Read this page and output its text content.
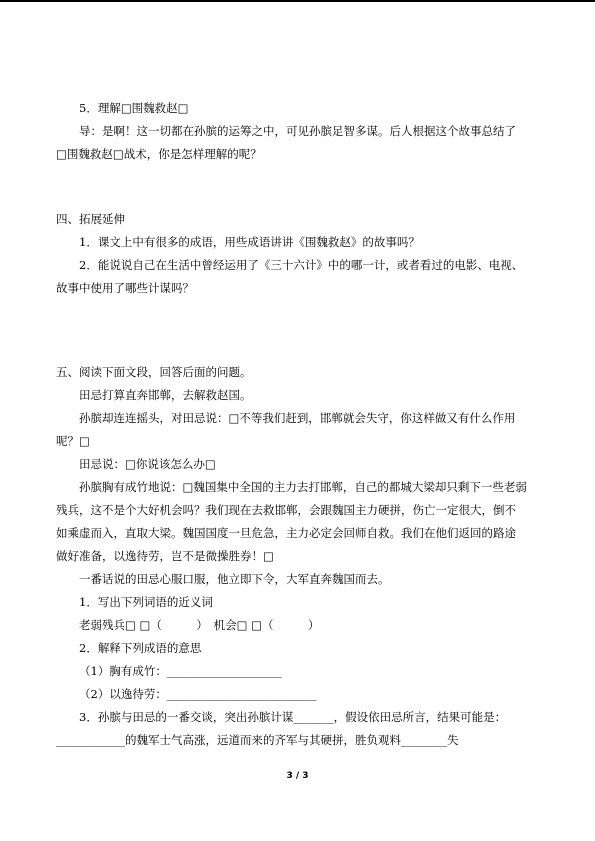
5．理解□围魏救赵□
导：是啊！这一切都在孙膑的运筹之中，可见孙膑足智多谋。后人根据这个故事总结了
□围魏救赵□战术，你是怎样理解的呢？
四、拓展延伸
1．课文上中有很多的成语，用些成语讲讲《围魏救赵》的故事吗？
2．能说说自己在生活中曾经运用了《三十六计》中的哪一计，或者看过的电影、电视、
故事中使用了哪些计谋吗？
五、阅读下面文段，回答后面的问题。
田忌打算直奔邯郸，去解救赵国。
孙膑却连连摇头，对田忌说：□不等我们赶到，邯郸就会失守，你这样做又有什么作用
呢？□
田忌说：□你说该怎么办□
孙膑胸有成竹地说：□魏国集中全国的主力去打邯郸，自己的都城大梁却只剩下一些老弱
残兵，这不是个大好机会吗？我们现在去救邯郸，会跟魏国主力硬拼，伤亡一定很大，倒不
如乘虚而入，直取大梁。魏国国度一旦危急，主力必定会回师自救。我们在他们返回的路途
做好准备，以逸待劳，岂不是微操胜券！□
一番话说的田忌心服口服，他立即下令，大军直奔魏国而去。
1．写出下列词语的近义词
老弱残兵□ □（　　　）　机会□ □（　　　）
2．解释下列成语的意思
（1）胸有成竹：____________________
（2）以逸待劳：__________________________
3．孙膑与田忌的一番交谈，突出孙膑计谋_______，假设依田忌所言，结果可能是：
____________的魏军士气高涨，远道而来的齐军与其硬拼，胜负观料________失
3 / 3
